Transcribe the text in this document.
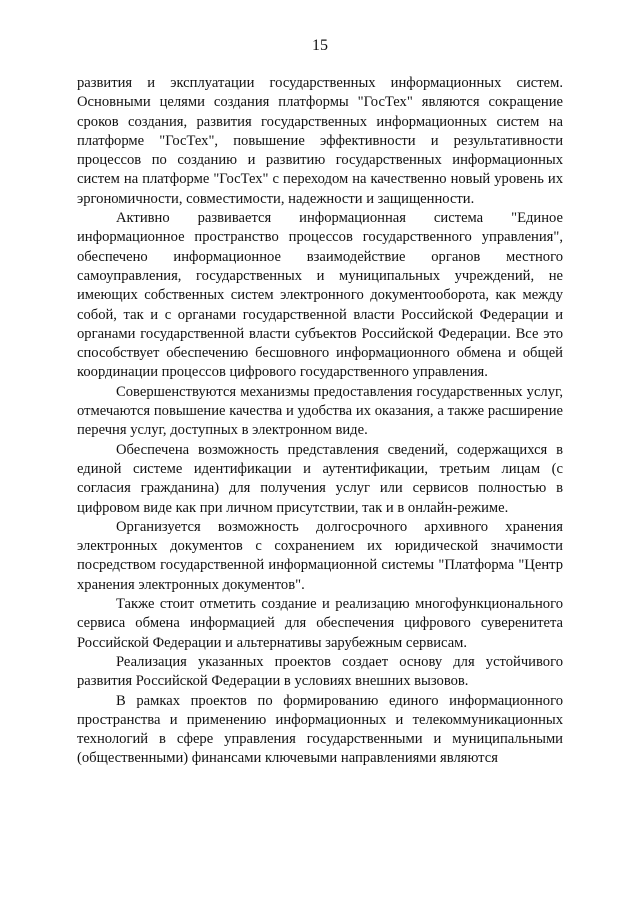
15

развития и эксплуатации государственных информационных систем. Основными целями создания платформы "ГосТех" являются сокращение сроков создания, развития государственных информационных систем на платформе "ГосТех", повышение эффективности и результативности процессов по созданию и развитию государственных информационных систем на платформе "ГосТех" с переходом на качественно новый уровень их эргономичности, совместимости, надежности и защищенности.

Активно развивается информационная система "Единое информационное пространство процессов государственного управления", обеспечено информационное взаимодействие органов местного самоуправления, государственных и муниципальных учреждений, не имеющих собственных систем электронного документооборота, как между собой, так и с органами государственной власти Российской Федерации и органами государственной власти субъектов Российской Федерации. Все это способствует обеспечению бесшовного информационного обмена и общей координации процессов цифрового государственного управления.

Совершенствуются механизмы предоставления государственных услуг, отмечаются повышение качества и удобства их оказания, а также расширение перечня услуг, доступных в электронном виде.

Обеспечена возможность представления сведений, содержащихся в единой системе идентификации и аутентификации, третьим лицам (с согласия гражданина) для получения услуг или сервисов полностью в цифровом виде как при личном присутствии, так и в онлайн-режиме.

Организуется возможность долгосрочного архивного хранения электронных документов с сохранением их юридической значимости посредством государственной информационной системы "Платформа "Центр хранения электронных документов".

Также стоит отметить создание и реализацию многофункционального сервиса обмена информацией для обеспечения цифрового суверенитета Российской Федерации и альтернативы зарубежным сервисам.

Реализация указанных проектов создает основу для устойчивого развития Российской Федерации в условиях внешних вызовов.

В рамках проектов по формированию единого информационного пространства и применению информационных и телекоммуникационных технологий в сфере управления государственными и муниципальными (общественными) финансами ключевыми направлениями являются
